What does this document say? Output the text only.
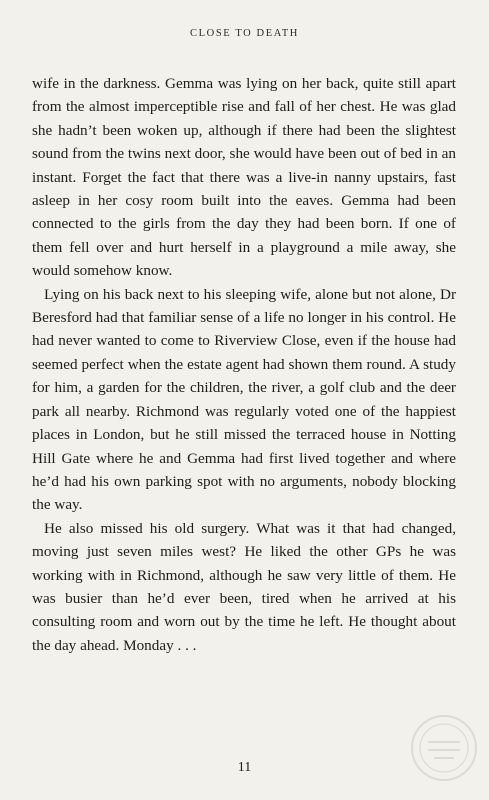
CLOSE TO DEATH

wife in the darkness. Gemma was lying on her back, quite still apart from the almost imperceptible rise and fall of her chest. He was glad she hadn’t been woken up, although if there had been the slightest sound from the twins next door, she would have been out of bed in an instant. Forget the fact that there was a live-in nanny upstairs, fast asleep in her cosy room built into the eaves. Gemma had been connected to the girls from the day they had been born. If one of them fell over and hurt herself in a playground a mile away, she would somehow know.

Lying on his back next to his sleeping wife, alone but not alone, Dr Beresford had that familiar sense of a life no longer in his control. He had never wanted to come to Riverview Close, even if the house had seemed perfect when the estate agent had shown them round. A study for him, a garden for the children, the river, a golf club and the deer park all nearby. Richmond was regularly voted one of the happiest places in London, but he still missed the terraced house in Notting Hill Gate where he and Gemma had first lived together and where he’d had his own parking spot with no arguments, nobody blocking the way.

He also missed his old surgery. What was it that had changed, moving just seven miles west? He liked the other GPs he was working with in Richmond, although he saw very little of them. He was busier than he’d ever been, tired when he arrived at his consulting room and worn out by the time he left. He thought about the day ahead. Monday . . .

11
